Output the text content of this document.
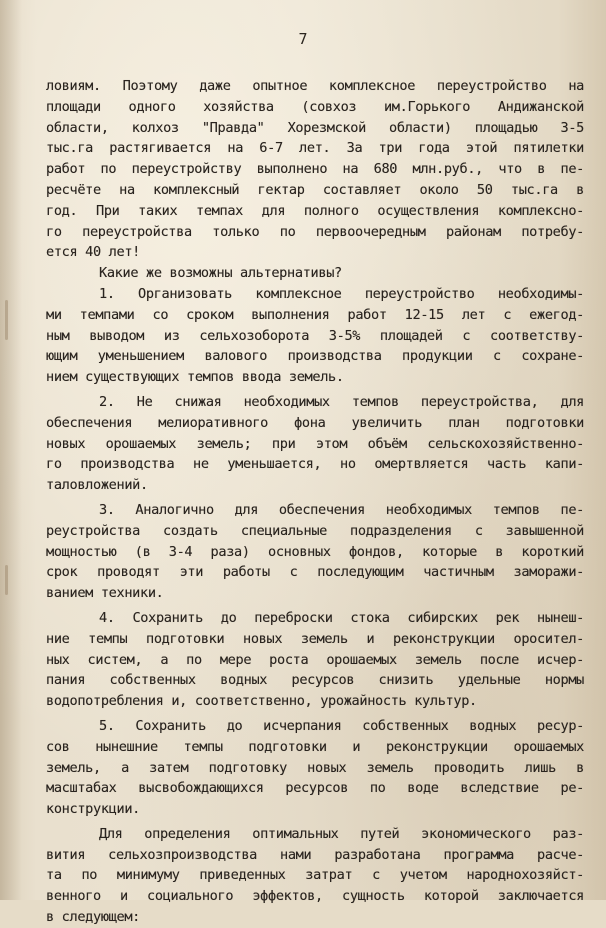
7
ловиям. Поэтому даже опытное комплексное переустройство на
площади одного хозяйства (совхоз им.Горького Андижанской
области, колхоз "Правда" Хорезмской области) площадью 3-5
тыс.га растягивается на 6-7 лет. За три года этой пятилетки
работ по переустройству выполнено на 680 млн.руб., что в пе-
ресчёте на комплексный гектар составляет около 50 тыс.га в
год. При таких темпах для полного осуществления комплексно-
го переустройства только по первоочередным районам потребу-
ется 40 лет!
Какие же возможны альтернативы?
1. Организовать комплексное переустройство необходимы-
ми темпами со сроком выполнения работ 12-15 лет с ежегод-
ным выводом из сельхозоборота 3-5% площадей с соответству-
ющим уменьшением валового производства продукции с сохране-
нием существующих темпов ввода земель.
2. Не снижая необходимых темпов переустройства, для
обеспечения мелиоративного фона увеличить план подготовки
новых орошаемых земель; при этом объём сельскохозяйственно-
го производства не уменьшается, но омертвляется часть капи-
таловложений.
3. Аналогично для обеспечения необходимых темпов пе-
реустройства создать специальные подразделения с завышенной
мощностью (в 3-4 раза) основных фондов, которые в короткий
срок проводят эти работы с последующим частичным заморажи-
ванием техники.
4. Сохранить до переброски стока сибирских рек нынеш-
ние темпы подготовки новых земель и реконструкции оросител-
ных систем, а по мере роста орошаемых земель после исчер-
пания собственных водных ресурсов снизить удельные нормы
водопотребления и, соответственно, урожайность культур.
5. Сохранить до исчерпания собственных водных ресур-
сов нынешние темпы подготовки и реконструкции орошаемых
земель, а затем подготовку новых земель проводить лишь в
масштабах высвобождающихся ресурсов по воде вследствие ре-
конструкции.
Для определения оптимальных путей экономического раз-
вития сельхозпроизводства нами разработана программа расче-
та по минимуму приведенных затрат с учетом народнохозяйст-
венного и социального эффектов, сущность которой заключается
в следующем:
